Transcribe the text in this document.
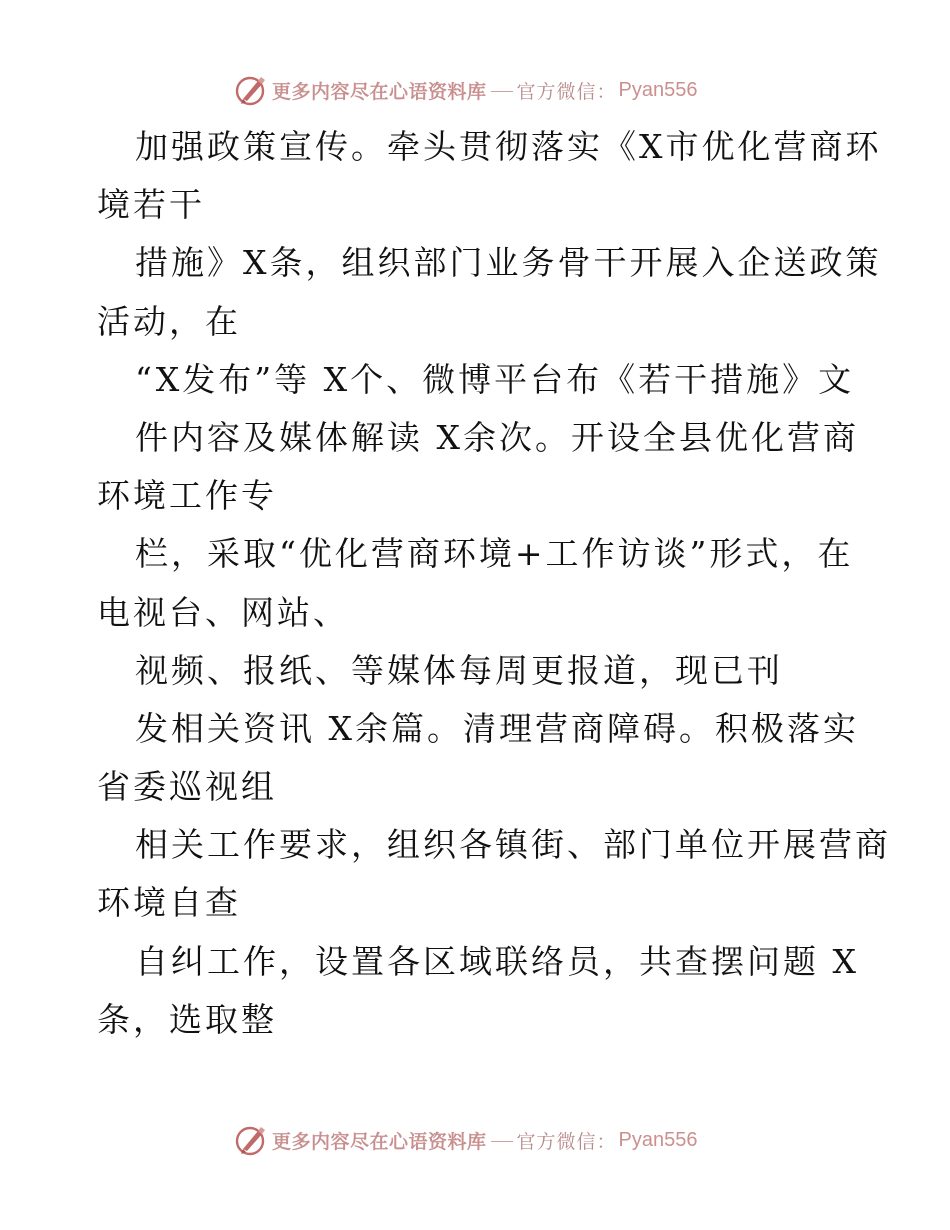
更多内容尽在心语资料库 官方微信： Pyan556
加强政策宣传。牵头贯彻落实《X市优化营商环
境若干
措施》X条，组织部门业务骨干开展入企送政策
活动，在
“X发布”等 X个、微博平台布《若干措施》文
件内容及媒体解读 X余次。开设全县优化营商
环境工作专
栏，采取“优化营商环境+工作访谈”形式，在
电视台、网站、
视频、报纸、等媒体每周更报道，现已刊
发相关资讯 X余篇。清理营商障碍。积极落实
省委巡视组
相关工作要求，组织各镇街、部门单位开展营商
环境自查
自纠工作，设置各区域联络员，共查摆问题 X
条，选取整
更多内容尽在心语资料库 官方微信： Pyan556
